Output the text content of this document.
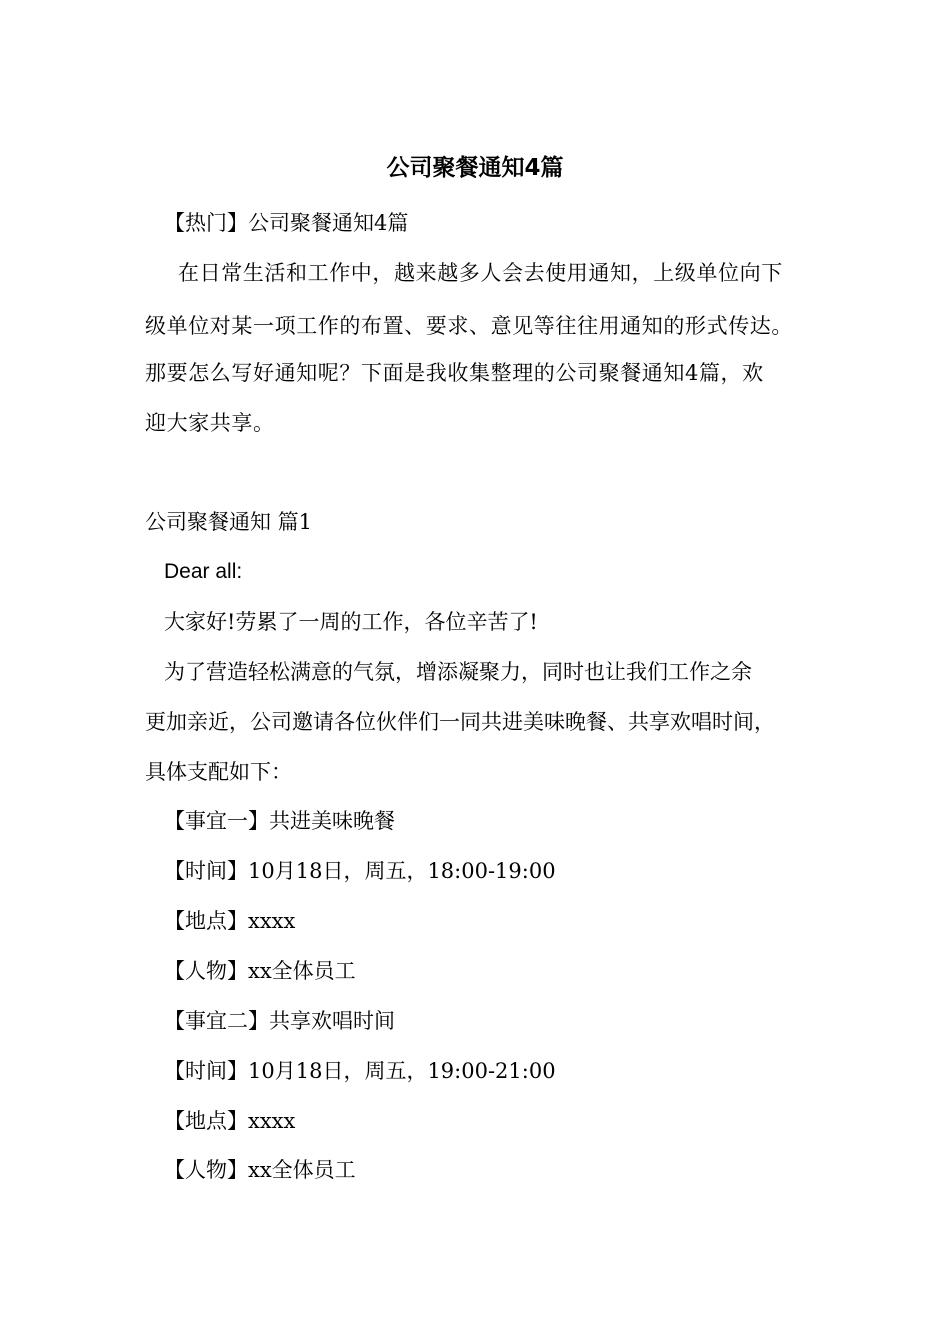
公司聚餐通知4篇
【热门】公司聚餐通知4篇
在日常生活和工作中，越来越多人会去使用通知，上级单位向下
级单位对某一项工作的布置、要求、意见等往往用通知的形式传达。
那要怎么写好通知呢？下面是我收集整理的公司聚餐通知4篇，欢
迎大家共享。
公司聚餐通知 篇1
Dear all:
大家好!劳累了一周的工作，各位辛苦了!
为了营造轻松满意的气氛，增添凝聚力，同时也让我们工作之余
更加亲近，公司邀请各位伙伴们一同共进美味晚餐、共享欢唱时间，
具体支配如下：
【事宜一】共进美味晚餐
【时间】10月18日，周五，18:00-19:00
【地点】xxxx
【人物】xx全体员工
【事宜二】共享欢唱时间
【时间】10月18日，周五，19:00-21:00
【地点】xxxx
【人物】xx全体员工
